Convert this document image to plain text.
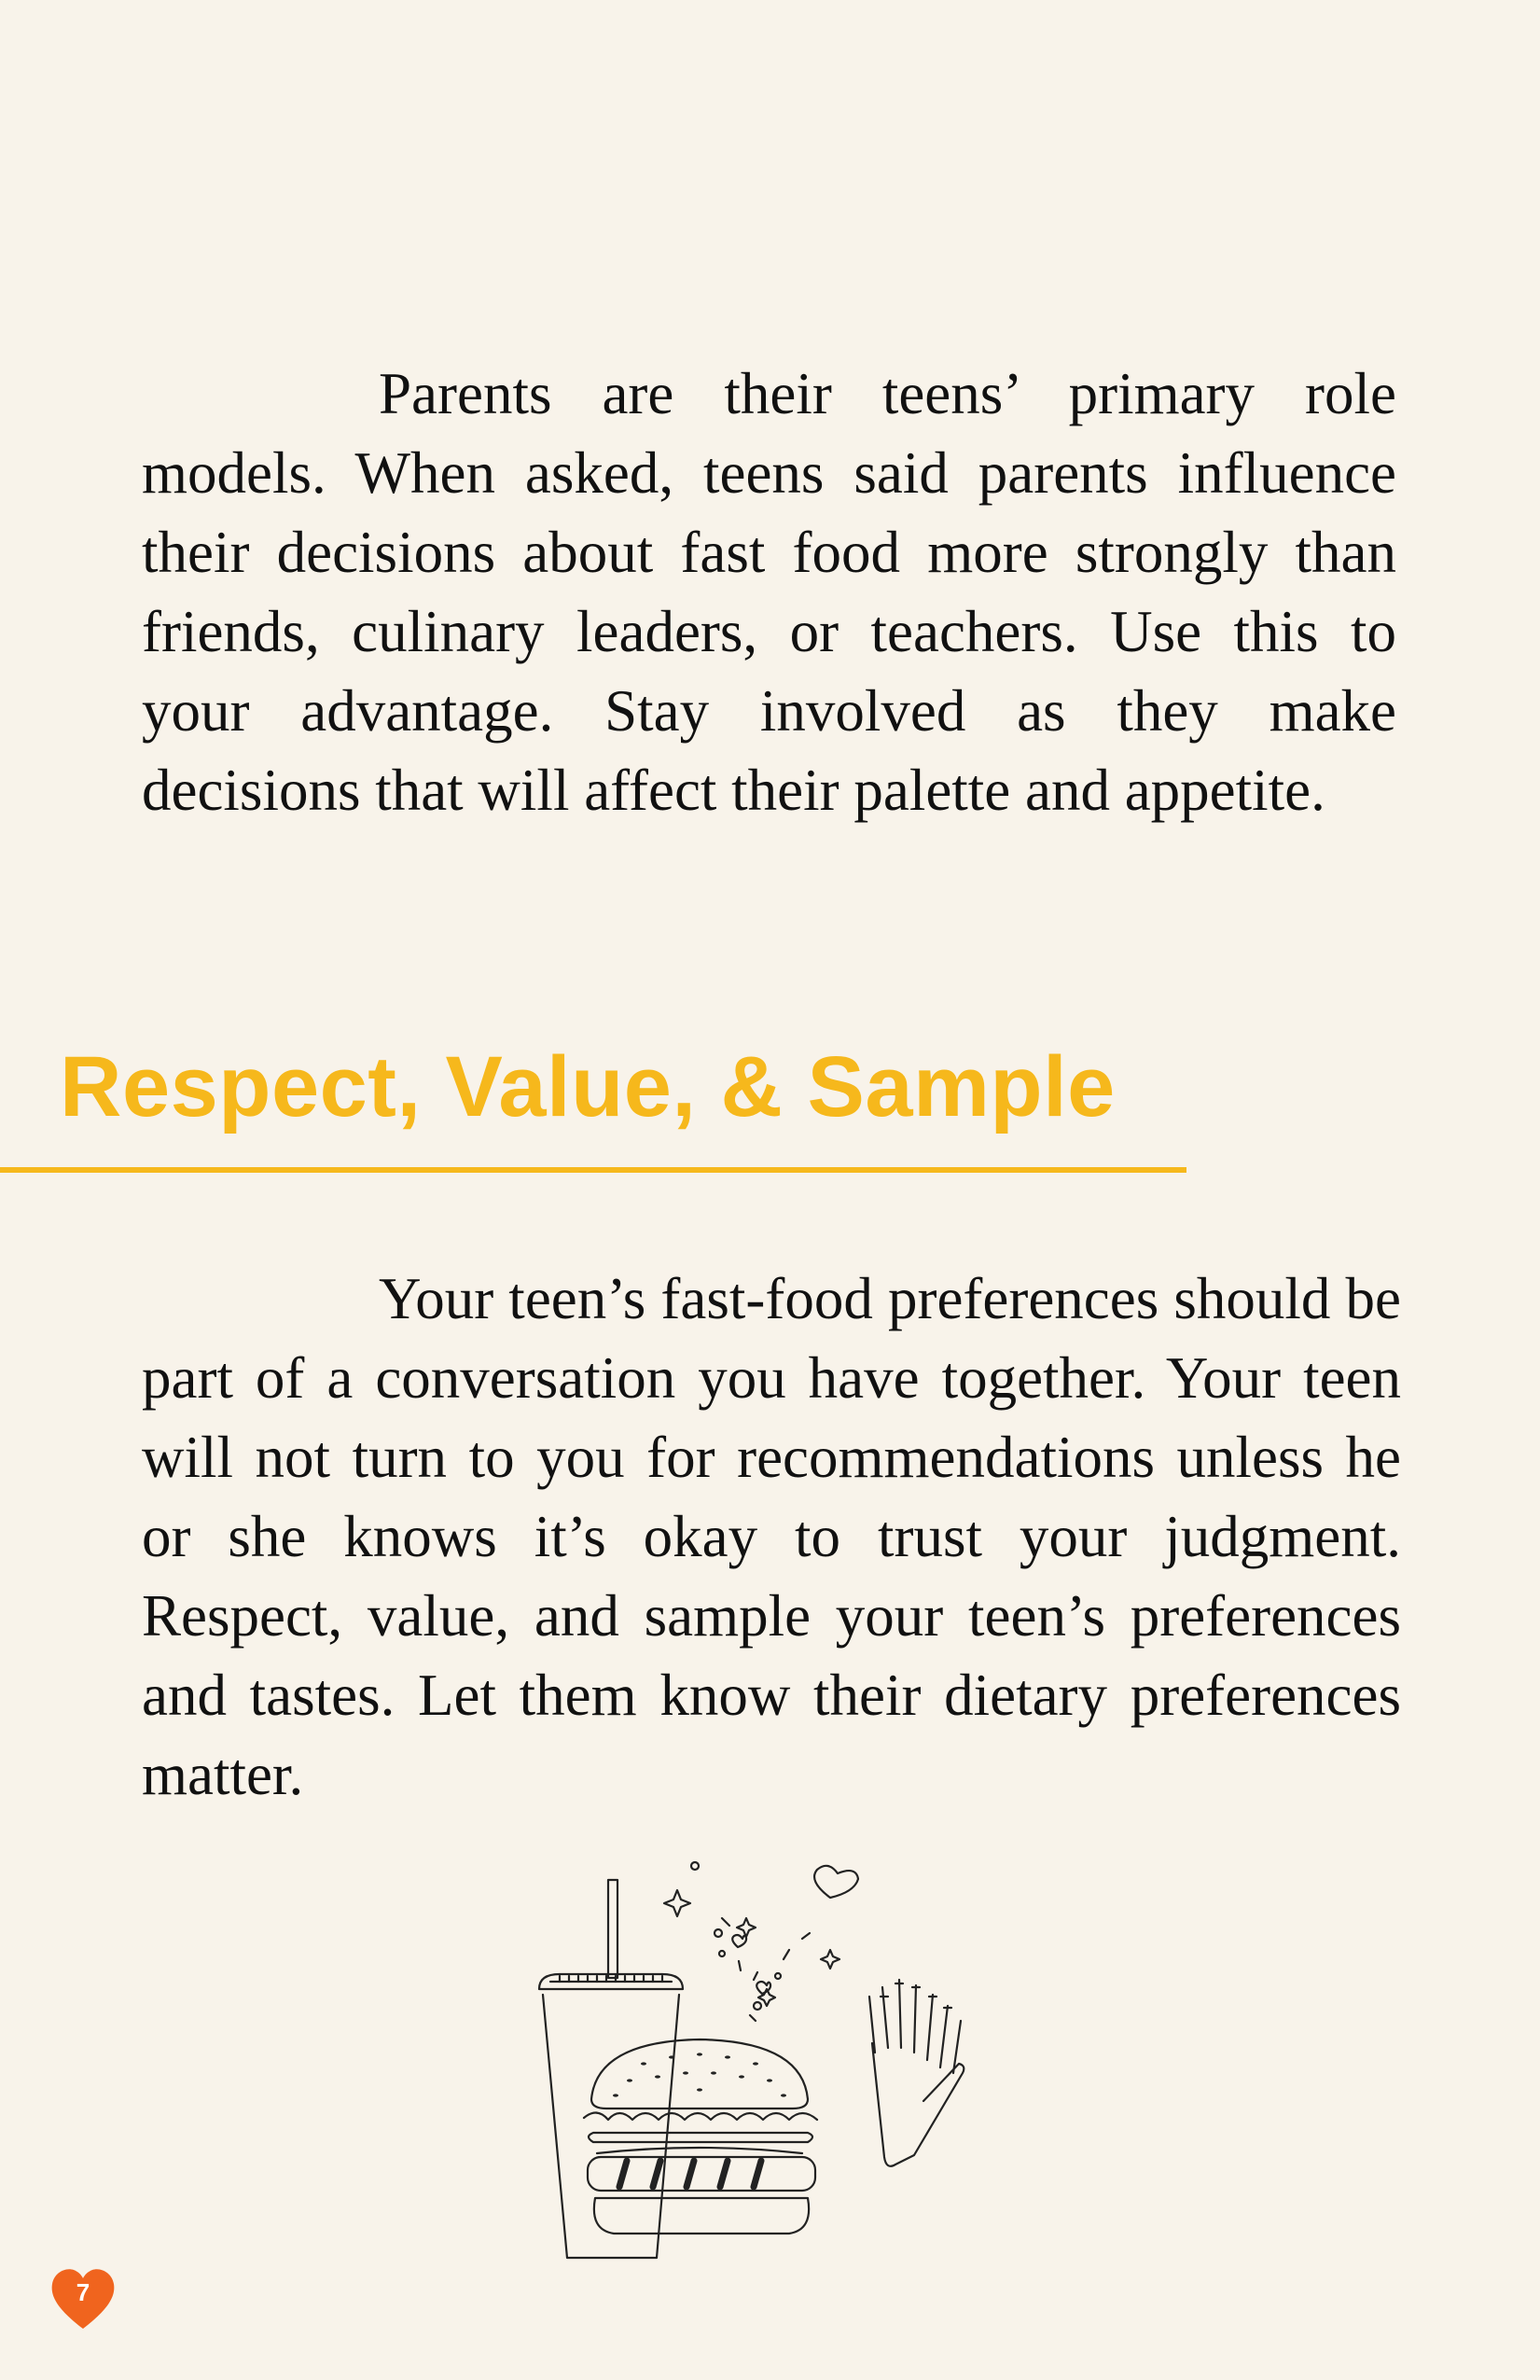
Parents are their teens’ primary role models. When asked, teens said parents influence their decisions about fast food more strongly than friends, culinary leaders, or teachers. Use this to your advantage. Stay involved as they make decisions that will affect their palette and appetite.

Respect, Value, & Sample

Your teen’s fast-food preferences should be part of a conversation you have together. Your teen will not turn to you for recommendations unless he or she knows it’s okay to trust your judgment. Respect, value, and sample your teen’s preferences and tastes. Let them know their dietary preferences matter.

7
